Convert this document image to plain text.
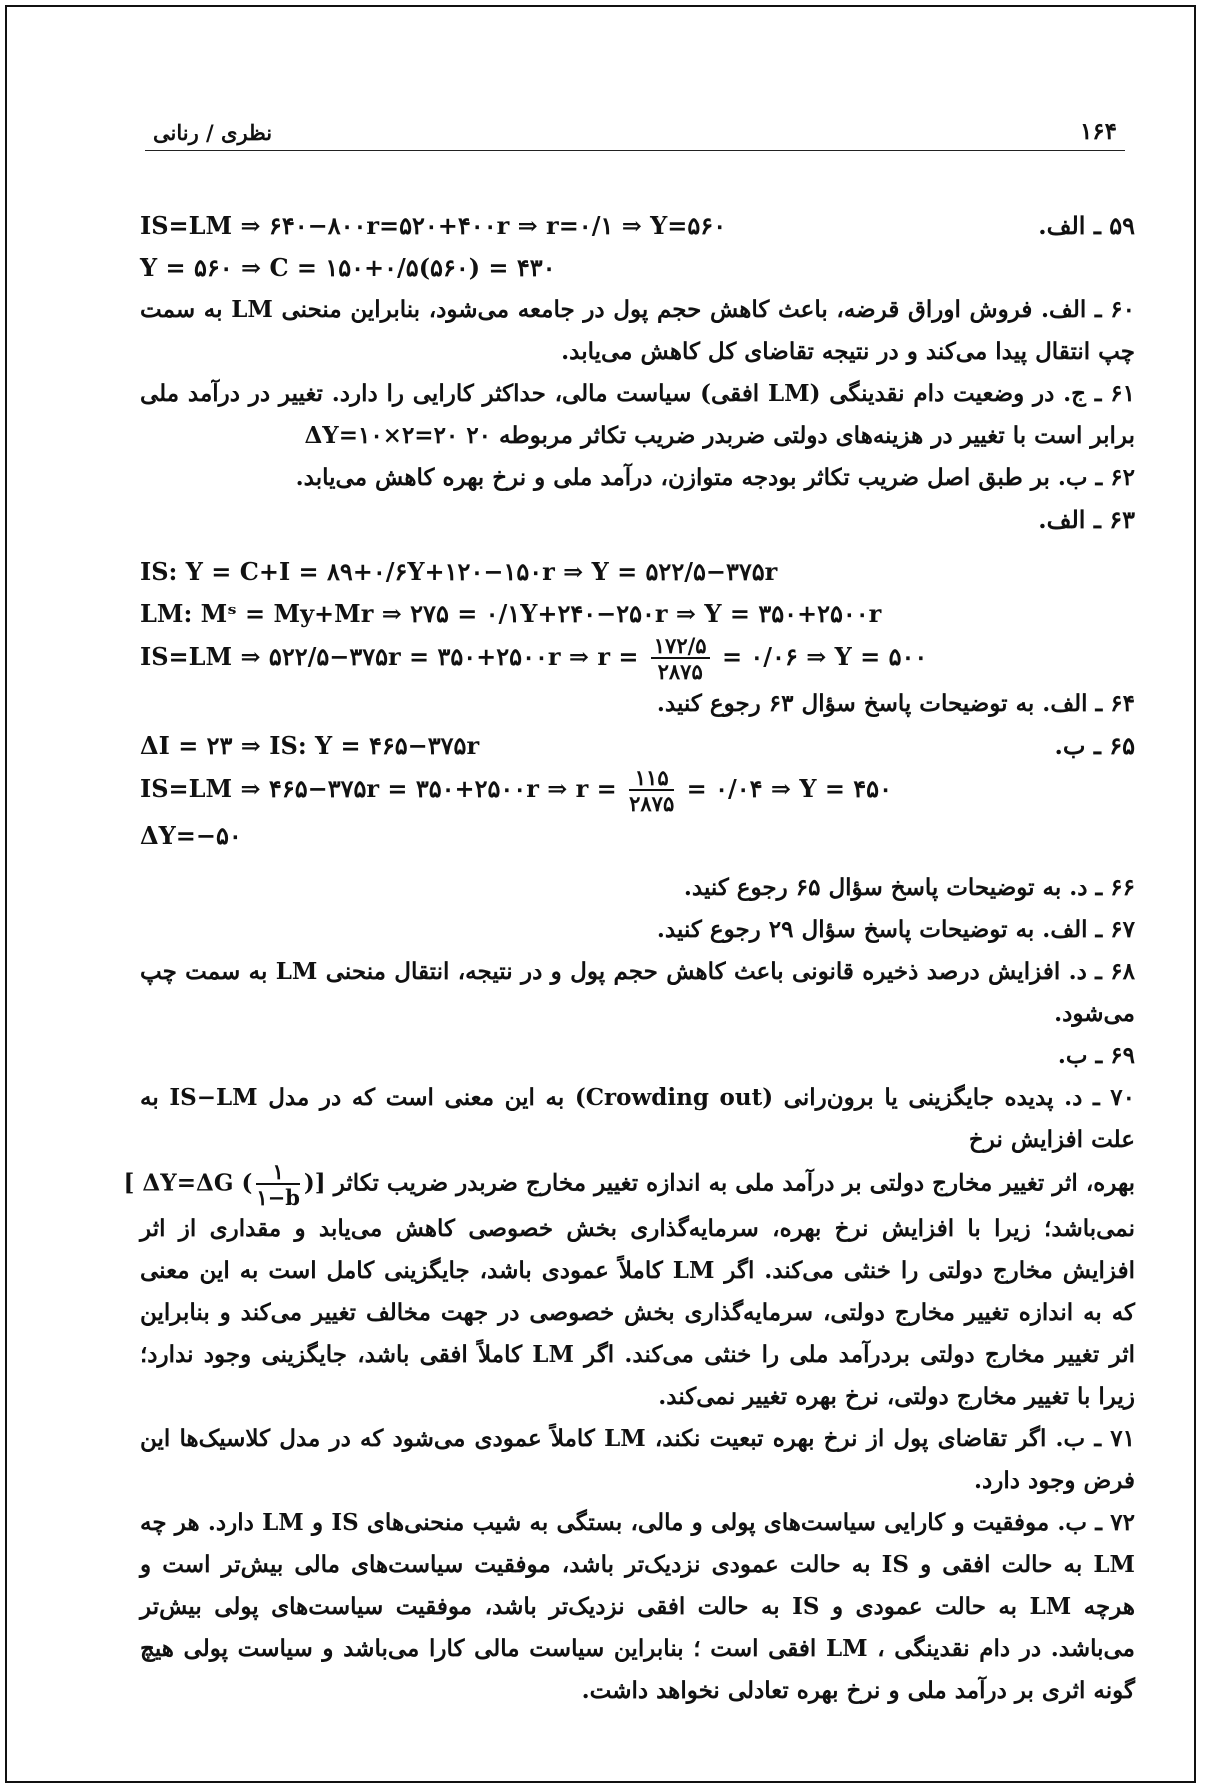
۱۶۴
نظری / رنانی
IS=LM ⇒ ۶۴۰−۸۰۰r=۵۲۰+۴۰۰r ⇒ r=۰/۱ ⇒ Y=۵۶۰	۵۹ ـ الف.
Y = ۵۶۰ ⇒ C = ۱۵۰+۰/۵(۵۶۰) = ۴۳۰
۶۰ ـ الف. فروش اوراق قرضه، باعث کاهش حجم پول در جامعه می‌شود، بنابراین منحنی LM به سمت چپ انتقال پیدا می‌کند و در نتیجه تقاضای کل کاهش می‌یابد.
۶۱ ـ ج. در وضعیت دام نقدینگی (LM افقی) سیاست مالی، حداکثر کارایی را دارد. تغییر در درآمد ملی برابر است با تغییر در هزینه‌های دولتی ضربدر ضریب تکاثر مربوطه ۲۰ ΔY=۱۰×۲=۲۰
۶۲ ـ ب. بر طبق اصل ضریب تکاثر بودجه متوازن، درآمد ملی و نرخ بهره کاهش می‌یابد.
۶۳ ـ الف.
IS: Y = C+I = ۸۹+۰/۶Y+۱۲۰−۱۵۰r ⇒ Y = ۵۲۲/۵−۳۷۵r
LM: Mˢ = My+Mr ⇒ ۲۷۵ = ۰/۱Y+۲۴۰−۲۵۰r ⇒ Y = ۳۵۰+۲۵۰۰r
IS=LM ⇒ ۵۲۲/۵−۳۷۵r = ۳۵۰+۲۵۰۰r ⇒ $r = \frac{۱۷۲/۵}{۲۸۷۵}$ = ۰/۰۶ ⇒ Y = ۵۰۰
۶۴ ـ الف. به توضیحات پاسخ سؤال ۶۳ رجوع کنید.
ΔI = ۲۳ ⇒ IS: Y = ۴۶۵−۳۷۵r	۶۵ ـ ب.
IS=LM ⇒ ۴۶۵−۳۷۵r = ۳۵۰+۲۵۰۰r ⇒ $r = \frac{۱۱۵}{۲۸۷۵}$ = ۰/۰۴ ⇒ Y = ۴۵۰
ΔY=−۵۰
۶۶ ـ د. به توضیحات پاسخ سؤال ۶۵ رجوع کنید.
۶۷ ـ الف. به توضیحات پاسخ سؤال ۲۹ رجوع کنید.
۶۸ ـ د. افزایش درصد ذخیره قانونی باعث کاهش حجم پول و در نتیجه، انتقال منحنی LM به سمت چپ می‌شود.
۶۹ ـ ب.
۷۰ ـ د. پدیده جایگزینی یا برون‌رانی (Crowding out) به این معنی است که در مدل IS−LM به علت افزایش نرخ
بهره، اثر تغییر مخارج دولتی بر درآمد ملی به اندازه تغییر مخارج ضربدر ضریب تکاثر [ ΔY=ΔG ( $\frac{۱}{۱-b}$ )]
نمی‌باشد؛ زیرا با افزایش نرخ بهره، سرمایه‌گذاری بخش خصوصی کاهش می‌یابد و مقداری از اثر افزایش مخارج دولتی را خنثی می‌کند. اگر LM کاملاً عمودی باشد، جایگزینی کامل است به این معنی که به اندازه تغییر مخارج دولتی، سرمایه‌گذاری بخش خصوصی در جهت مخالف تغییر می‌کند و بنابراین اثر تغییر مخارج دولتی بردرآمد ملی را خنثی می‌کند. اگر LM کاملاً افقی باشد، جایگزینی وجود ندارد؛ زیرا با تغییر مخارج دولتی، نرخ بهره تغییر نمی‌کند.
۷۱ ـ ب. اگر تقاضای پول از نرخ بهره تبعیت نکند، LM کاملاً عمودی می‌شود که در مدل کلاسیک‌ها این فرض وجود دارد.
۷۲ ـ ب. موفقیت و کارایی سیاست‌های پولی و مالی، بستگی به شیب منحنی‌های IS و LM دارد. هر چه LM به حالت افقی و IS به حالت عمودی نزدیک‌تر باشد، موفقیت سیاست‌های مالی بیش‌تر است و هرچه LM به حالت عمودی و IS به حالت افقی نزدیک‌تر باشد، موفقیت سیاست‌های پولی بیش‌تر می‌باشد. در دام نقدینگی ، LM افقی است ؛ بنابراین سیاست مالی کارا می‌باشد و سیاست پولی هیچ گونه اثری بر درآمد ملی و نرخ بهره تعادلی نخواهد داشت.
